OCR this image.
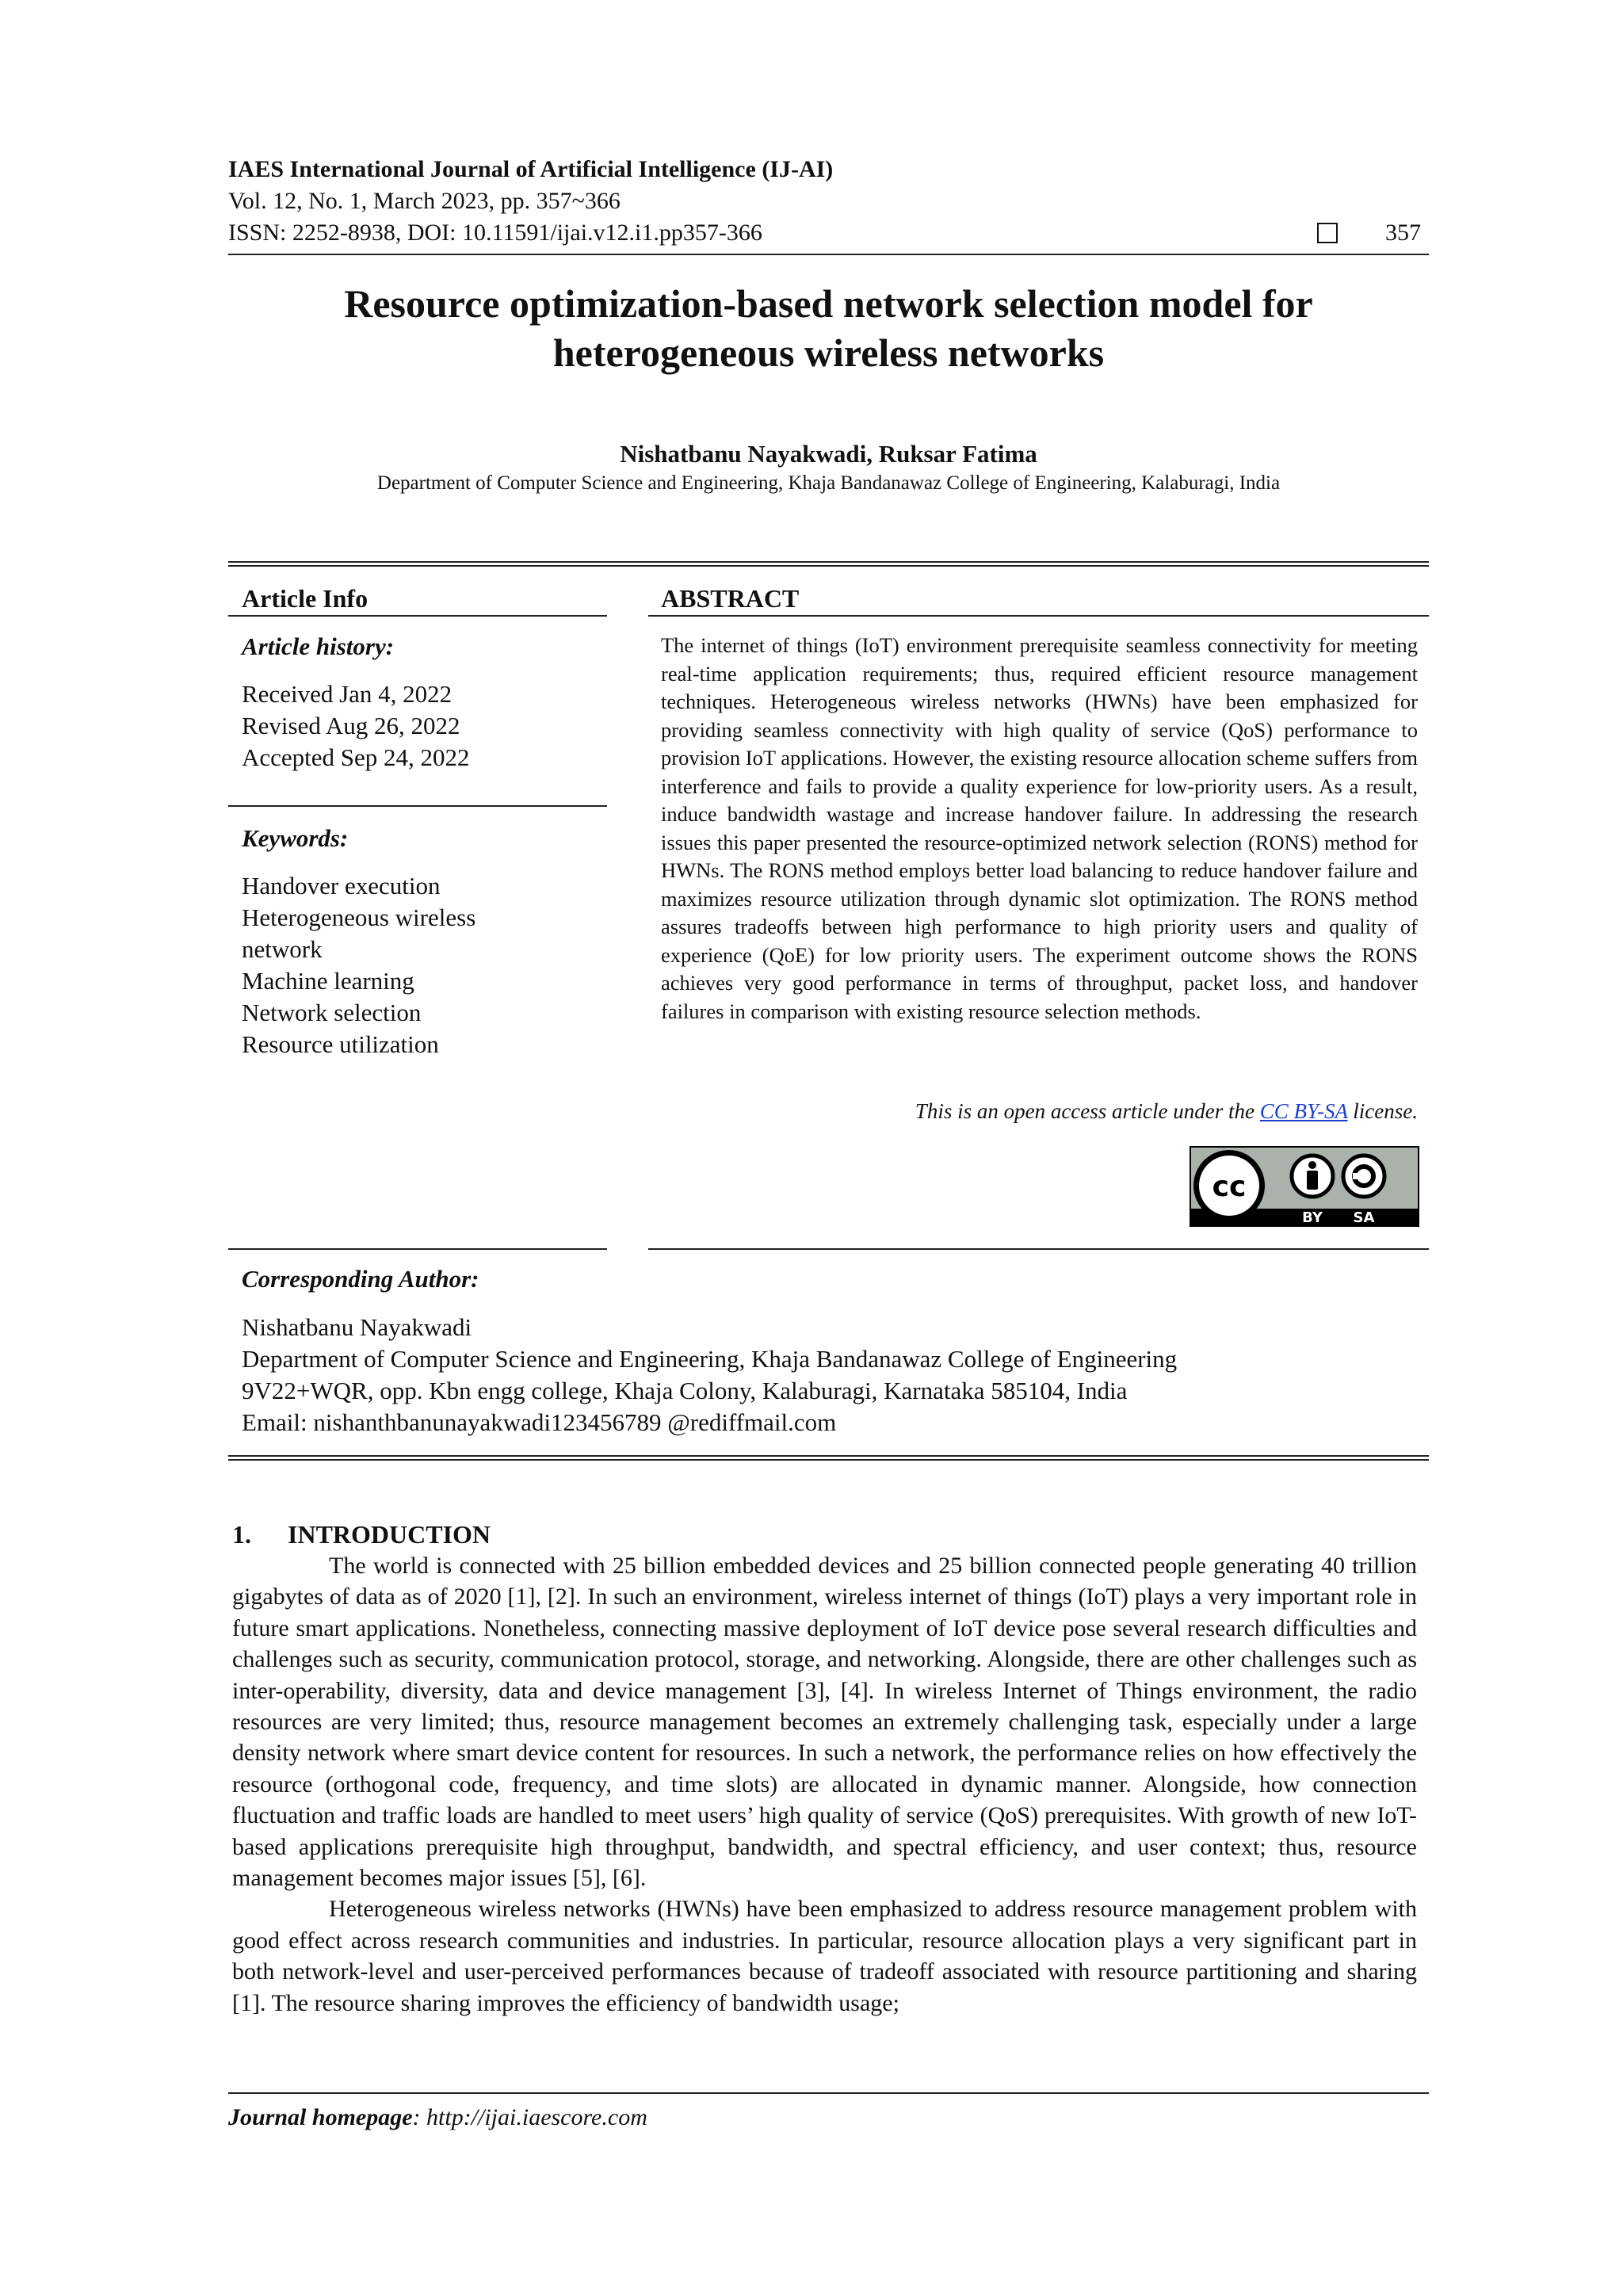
IAES International Journal of Artificial Intelligence (IJ-AI)
Vol. 12, No. 1, March 2023, pp. 357~366
ISSN: 2252-8938, DOI: 10.11591/ijai.v12.i1.pp357-366	357
Resource optimization-based network selection model for
heterogeneous wireless networks
Nishatbanu Nayakwadi, Ruksar Fatima
Department of Computer Science and Engineering, Khaja Bandanawaz College of Engineering, Kalaburagi, India
Article Info
Article history:
Received Jan 4, 2022
Revised Aug 26, 2022
Accepted Sep 24, 2022
Keywords:
Handover execution
Heterogeneous wireless
network
Machine learning
Network selection
Resource utilization
ABSTRACT
The internet of things (IoT) environment prerequisite seamless connectivity for meeting real-time application requirements; thus, required efficient resource management techniques. Heterogeneous wireless networks (HWNs) have been emphasized for providing seamless connectivity with high quality of service (QoS) performance to provision IoT applications. However, the existing resource allocation scheme suffers from interference and fails to provide a quality experience for low-priority users. As a result, induce bandwidth wastage and increase handover failure. In addressing the research issues this paper presented the resource-optimized network selection (RONS) method for HWNs. The RONS method employs better load balancing to reduce handover failure and maximizes resource utilization through dynamic slot optimization. The RONS method assures tradeoffs between high performance to high priority users and quality of experience (QoE) for low priority users. The experiment outcome shows the RONS achieves very good performance in terms of throughput, packet loss, and handover failures in comparison with existing resource selection methods.
This is an open access article under the CC BY-SA license.
cc
BY SA
Corresponding Author:
Nishatbanu Nayakwadi
Department of Computer Science and Engineering, Khaja Bandanawaz College of Engineering
9V22+WQR, opp. Kbn engg college, Khaja Colony, Kalaburagi, Karnataka 585104, India
Email: nishanthbanunayakwadi123456789 @rediffmail.com
1. INTRODUCTION

The world is connected with 25 billion embedded devices and 25 billion connected people generating 40 trillion gigabytes of data as of 2020 [1], [2]. In such an environment, wireless internet of things (IoT) plays a very important role in future smart applications. Nonetheless, connecting massive deployment of IoT device pose several research difficulties and challenges such as security, communication protocol, storage, and networking. Alongside, there are other challenges such as inter-operability, diversity, data and device management [3], [4]. In wireless Internet of Things environment, the radio resources are very limited; thus, resource management becomes an extremely challenging task, especially under a large density network where smart device content for resources. In such a network, the performance relies on how effectively the resource (orthogonal code, frequency, and time slots) are allocated in dynamic manner. Alongside, how connection fluctuation and traffic loads are handled to meet users’ high quality of service (QoS) prerequisites. With growth of new IoT-based applications prerequisite high throughput, bandwidth, and spectral efficiency, and user context; thus, resource management becomes major issues [5], [6].

Heterogeneous wireless networks (HWNs) have been emphasized to address resource management problem with good effect across research communities and industries. In particular, resource allocation plays a very significant part in both network-level and user-perceived performances because of tradeoff associated with resource partitioning and sharing [1]. The resource sharing improves the efficiency of bandwidth usage;

Journal homepage: http://ijai.iaescore.com
